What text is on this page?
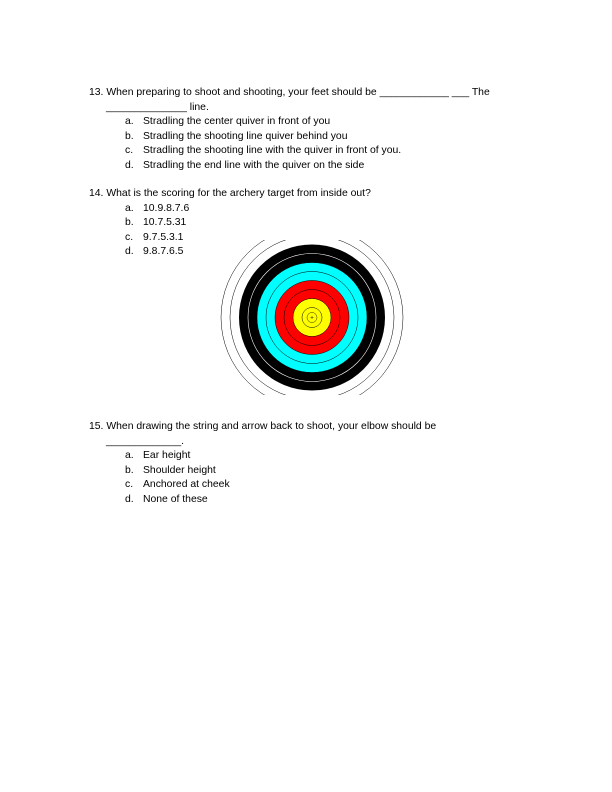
13. When preparing to shoot and shooting, your feet should be ____________ ___ The
______________ line.
a. Stradling the center quiver in front of you
b. Stradling the shooting line quiver behind you
c. Stradling the shooting line with the quiver in front of you.
d. Stradling the end line with the quiver on the side
14. What is the scoring for the archery target from inside out?
a. 10.9.8.7.6
b. 10.7.5.31
c. 9.7.5.3.1
d. 9.8.7.6.5
15. When drawing the string and arrow back to shoot, your elbow should be
_____________.
a. Ear height
b. Shoulder height
c. Anchored at cheek
d. None of these
